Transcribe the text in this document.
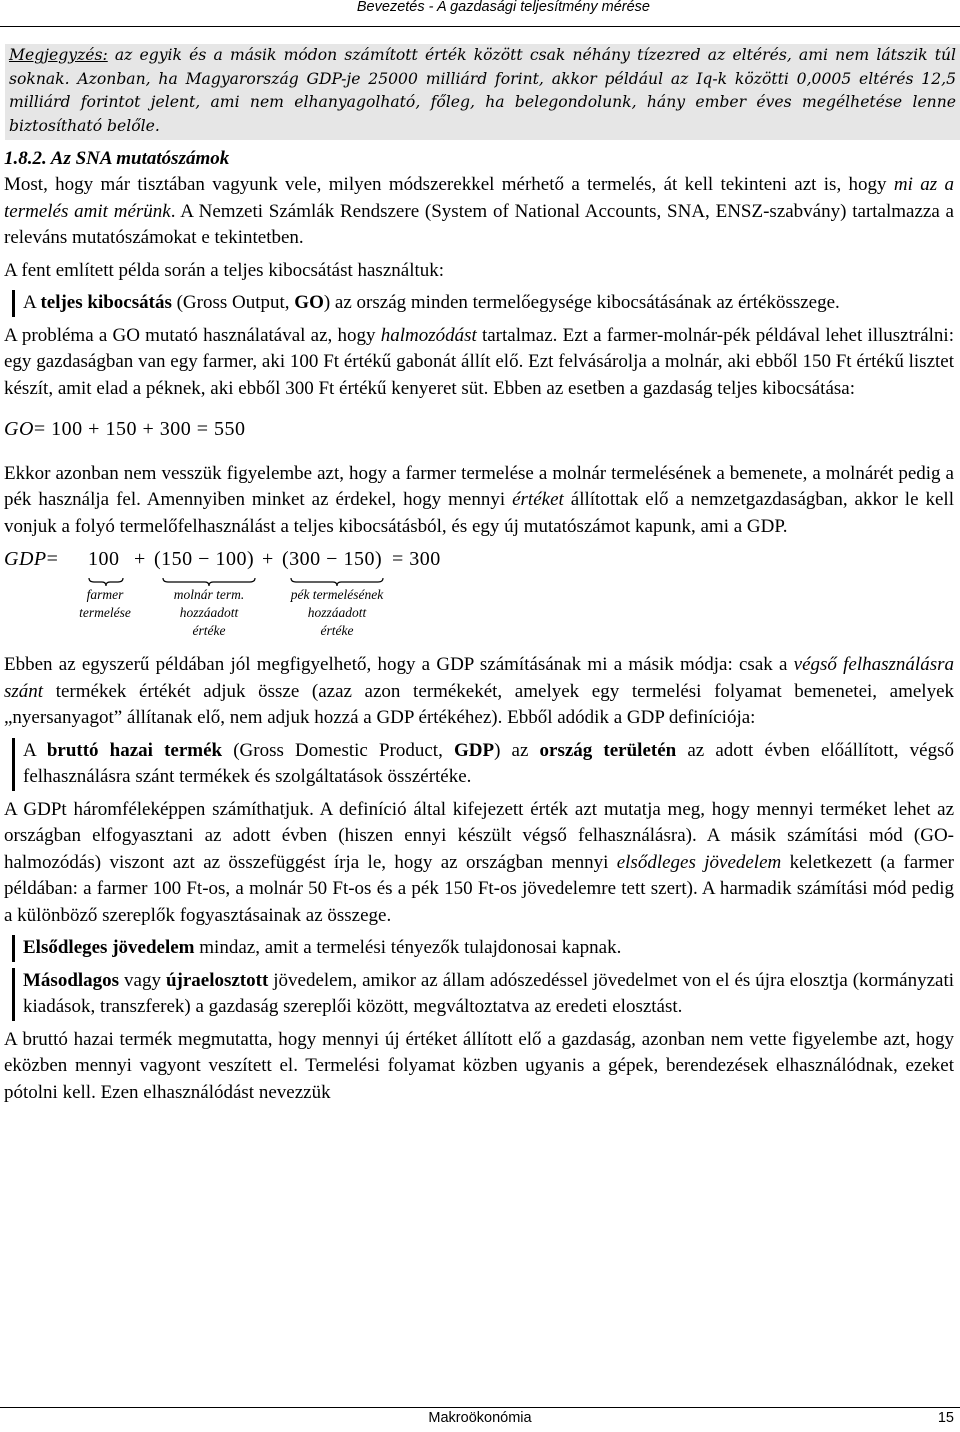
Bevezetés - A gazdasági teljesítmény mérése
Megjegyzés: az egyik és a másik módon számított érték között csak néhány tízezred az eltérés, ami nem látszik túl soknak. Azonban, ha Magyarország GDP-je 25000 milliárd forint, akkor például az Iq-k közötti 0,0005 eltérés 12,5 milliárd forintot jelent, ami nem elhanyagolható, főleg, ha belegondolunk, hány ember éves megélhetése lenne biztosítható belőle.
1.8.2. Az SNA mutatószámok

Most, hogy már tisztában vagyunk vele, milyen módszerekkel mérhető a termelés, át kell tekinteni azt is, hogy mi az a termelés amit mérünk. A Nemzeti Számlák Rendszere (System of National Accounts, SNA, ENSZ-szabvány) tartalmazza a releváns mutatószámokat e tekintetben.

A fent említett példa során a teljes kibocsátást használtuk:

A teljes kibocsátás (Gross Output, GO) az ország minden termelőegysége kibocsátásának az értékösszege.

A probléma a GO mutató használatával az, hogy halmozódást tartalmaz. Ezt a farmer-molnár-pék példával lehet illusztrálni: egy gazdaságban van egy farmer, aki 100 Ft értékű gabonát állít elő. Ezt felvásárolja a molnár, aki ebből 150 Ft értékű lisztet készít, amit elad a péknek, aki ebből 300 Ft értékű kenyeret süt. Ebben az esetben a gazdaság teljes kibocsátása:

GO= 100 + 150 + 300 = 550

Ekkor azonban nem vesszük figyelembe azt, hogy a farmer termelése a molnár termelésének a bemenete, a molnárét pedig a pék használja fel. Amennyiben minket az érdekel, hogy mennyi értéket állítottak elő a nemzetgazdaságban, akkor le kell vonjuk a folyó termelőfelhasználást a teljes kibocsátásból, és egy új mutatószámot kapunk, ami a GDP.

GDP= 100 + (150 − 100) + (300 − 150) = 300
farmer
termelése
molnár term.
hozzáadott
értéke
pék termelésének
hozzáadott
értéke

Ebben az egyszerű példában jól megfigyelhető, hogy a GDP számításának mi a másik módja: csak a végső felhasználásra szánt termékek értékét adjuk össze (azaz azon termékekét, amelyek egy termelési folyamat bemenetei, amelyek „nyersanyagot” állítanak elő, nem adjuk hozzá a GDP értékéhez). Ebből adódik a GDP definíciója:

A bruttó hazai termék (Gross Domestic Product, GDP) az ország területén az adott évben előállított, végső felhasználásra szánt termékek és szolgáltatások összértéke.

A GDPt háromféleképpen számíthatjuk. A definíció által kifejezett érték azt mutatja meg, hogy mennyi terméket lehet az országban elfogyasztani az adott évben (hiszen ennyi készült végső felhasználásra). A másik számítási mód (GO-halmozódás) viszont azt az összefüggést írja le, hogy az országban mennyi elsődleges jövedelem keletkezett (a farmer példában: a farmer 100 Ft-os, a molnár 50 Ft-os és a pék 150 Ft-os jövedelemre tett szert). A harmadik számítási mód pedig a különböző szereplők fogyasztásainak az összege.

Elsődleges jövedelem mindaz, amit a termelési tényezők tulajdonosai kapnak.

Másodlagos vagy újraelosztott jövedelem, amikor az állam adószedéssel jövedelmet von el és újra elosztja (kormányzati kiadások, transzferek) a gazdaság szereplői között, megváltoztatva az eredeti elosztást.

A bruttó hazai termék megmutatta, hogy mennyi új értéket állított elő a gazdaság, azonban nem vette figyelembe azt, hogy eközben mennyi vagyont veszített el. Termelési folyamat közben ugyanis a gépek, berendezések elhasználódnak, ezeket pótolni kell. Ezen elhasználódást nevezzük

Makroökonómia	15
